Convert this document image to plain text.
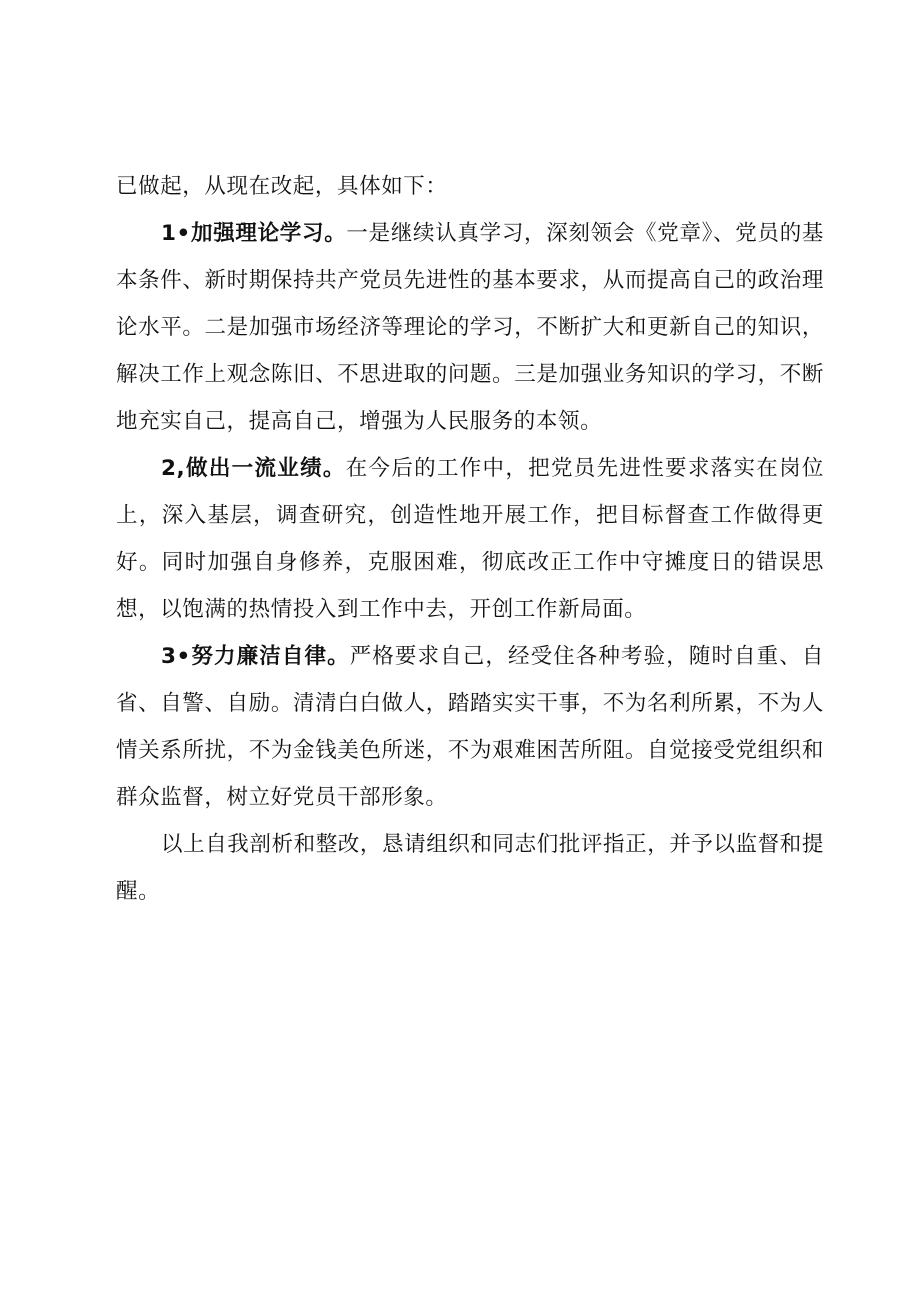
已做起，从现在改起，具体如下：

1•加强理论学习。一是继续认真学习，深刻领会《党章》、党员的基本条件、新时期保持共产党员先进性的基本要求，从而提高自己的政治理论水平。二是加强市场经济等理论的学习，不断扩大和更新自己的知识，解决工作上观念陈旧、不思进取的问题。三是加强业务知识的学习，不断地充实自己，提高自己，增强为人民服务的本领。

2,做出一流业绩。在今后的工作中，把党员先进性要求落实在岗位上，深入基层，调查研究，创造性地开展工作，把目标督查工作做得更好。同时加强自身修养，克服困难，彻底改正工作中守摊度日的错误思想，以饱满的热情投入到工作中去，开创工作新局面。

3•努力廉洁自律。严格要求自己，经受住各种考验，随时自重、自省、自警、自励。清清白白做人，踏踏实实干事，不为名利所累，不为人情关系所扰，不为金钱美色所迷，不为艰难困苦所阻。自觉接受党组织和群众监督，树立好党员干部形象。

以上自我剖析和整改，恳请组织和同志们批评指正，并予以监督和提醒。
